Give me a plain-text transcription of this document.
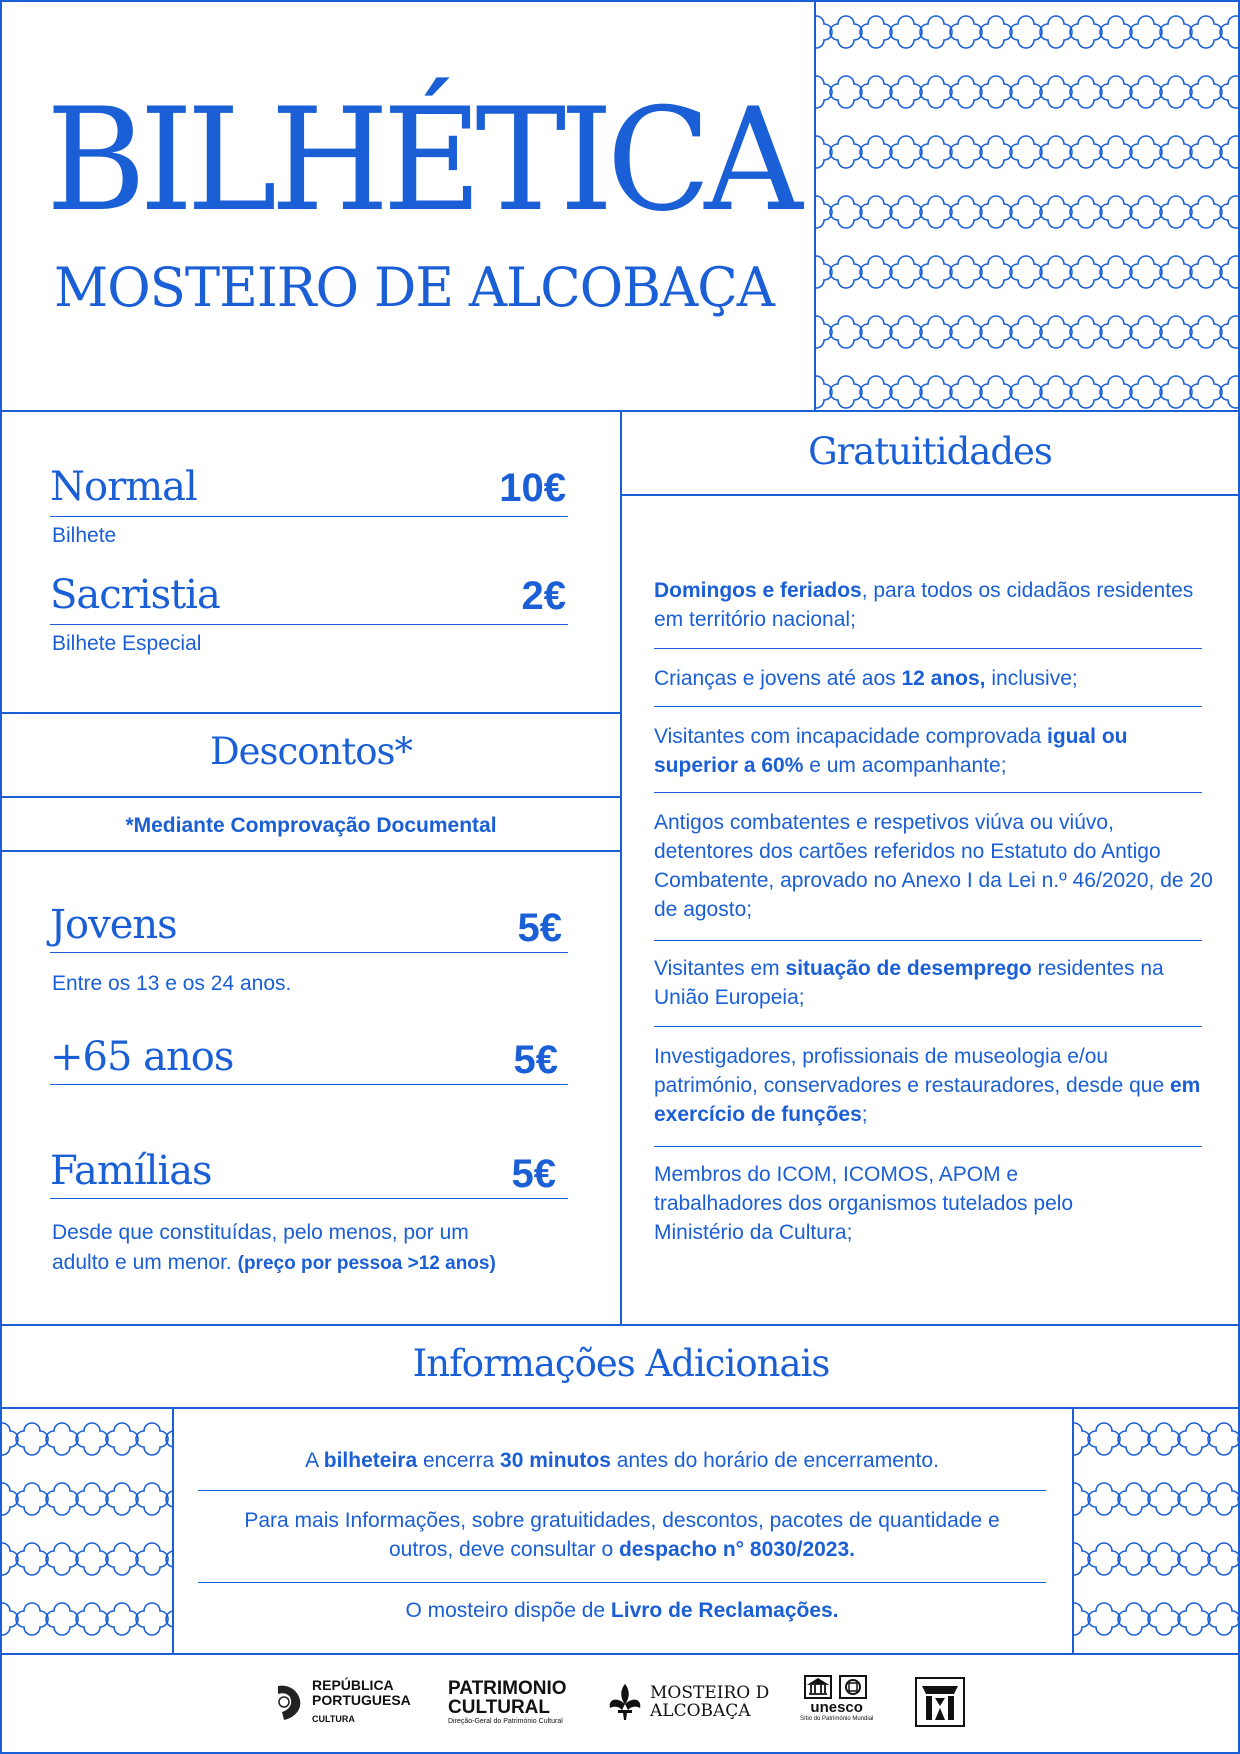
BILHÉTICA
MOSTEIRO DE ALCOBAÇA
Normal	10€
Bilhete
Sacristia	2€
Bilhete Especial
Descontos*
*Mediante Comprovação Documental
Jovens	5€
Entre os 13 e os 24 anos.
+65 anos	5€
Famílias	5€
Desde que constituídas, pelo menos, por um
adulto e um menor. (preço por pessoa >12 anos)
Gratuitidades
Domingos e feriados, para todos os cidadãos residentes em território nacional;
Crianças e jovens até aos 12 anos, inclusive;
Visitantes com incapacidade comprovada igual ou superior a 60% e um acompanhante;
Antigos combatentes e respetivos viúva ou viúvo, detentores dos cartões referidos no Estatuto do Antigo Combatente, aprovado no Anexo I da Lei n.º 46/2020, de 20 de agosto;
Visitantes em situação de desemprego residentes na União Europeia;
Investigadores, profissionais de museologia e/ou património, conservadores e restauradores, desde que em exercício de funções;
Membros do ICOM, ICOMOS, APOM e trabalhadores dos organismos tutelados pelo Ministério da Cultura;
Informações Adicionais
A bilheteira encerra 30 minutos antes do horário de encerramento.
Para mais Informações, sobre gratuitidades, descontos, pacotes de quantidade e outros, deve consultar o despacho n° 8030/2023.
O mosteiro dispõe de Livro de Reclamações.
REPÚBLICA
PORTUGUESA
CULTURA
PATRIMONIO
CULTURAL
Direção-Geral do Património Cultural
MOSTEIRO D
ALCOBAÇA	unesco
Sítio do Património Mundial
